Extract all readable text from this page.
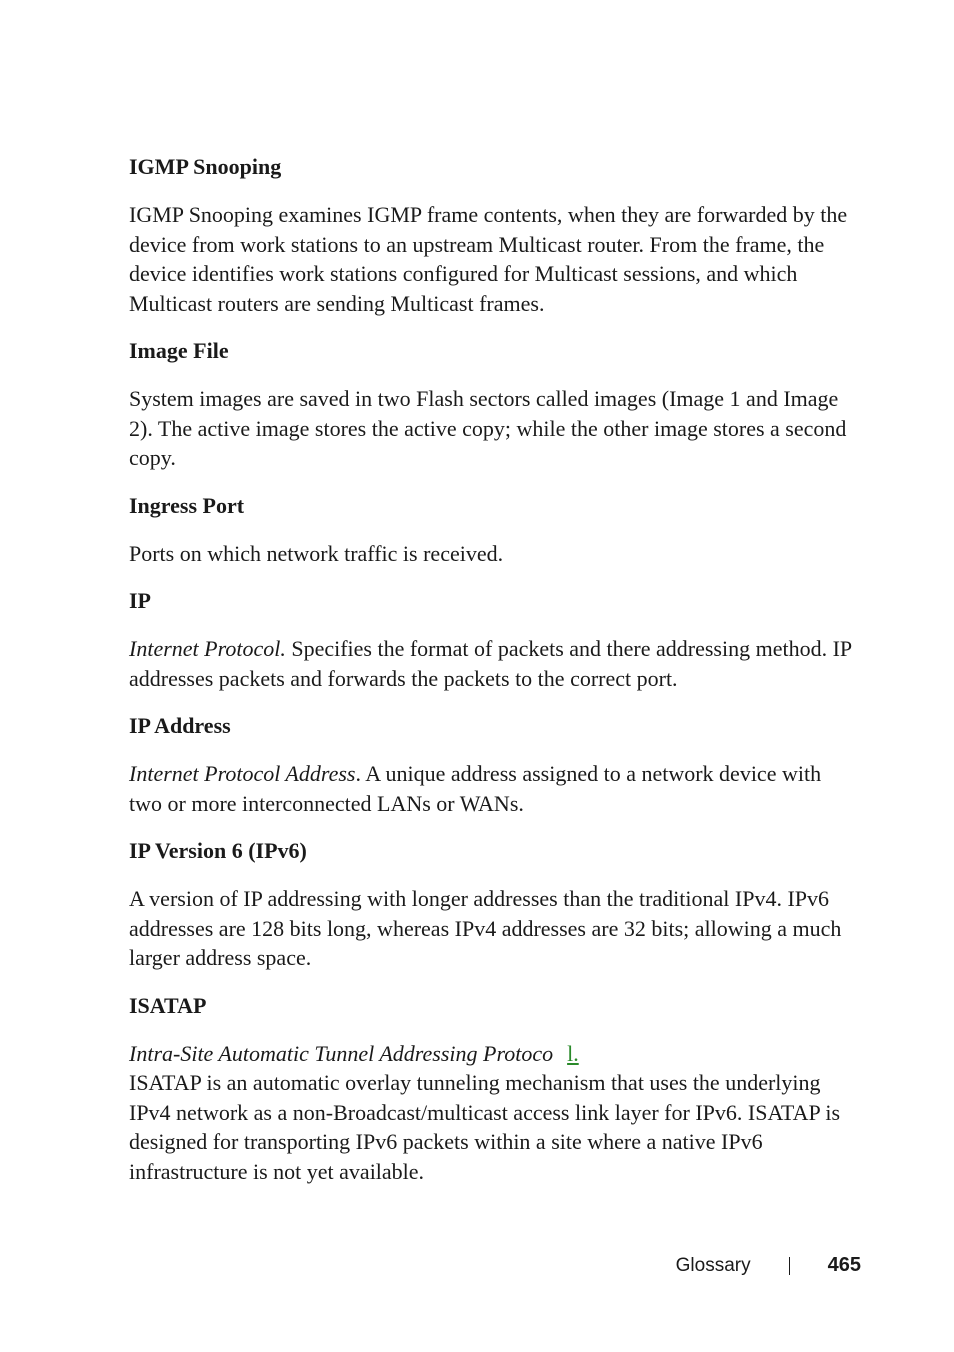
IGMP Snooping
IGMP Snooping examines IGMP frame contents, when they are forwarded by the device from work stations to an upstream Multicast router. From the frame, the device identifies work stations configured for Multicast sessions, and which Multicast routers are sending Multicast frames.
Image File
System images are saved in two Flash sectors called images (Image 1 and Image 2). The active image stores the active copy; while the other image stores a second copy.
Ingress Port
Ports on which network traffic is received.
IP
Internet Protocol. Specifies the format of packets and there addressing method. IP addresses packets and forwards the packets to the correct port.
IP Address
Internet Protocol Address. A unique address assigned to a network device with two or more interconnected LANs or WANs.
IP Version 6 (IPv6)
A version of IP addressing with longer addresses than the traditional IPv4. IPv6 addresses are 128 bits long, whereas IPv4 addresses are 32 bits; allowing a much larger address space.
ISATAP
Intra-Site Automatic Tunnel Addressing Protoco l.
ISATAP is an automatic overlay tunneling mechanism that uses the underlying IPv4 network as a non-Broadcast/multicast access link layer for IPv6. ISATAP is designed for transporting IPv6 packets within a site where a native IPv6 infrastructure is not yet available.
Glossary	465
